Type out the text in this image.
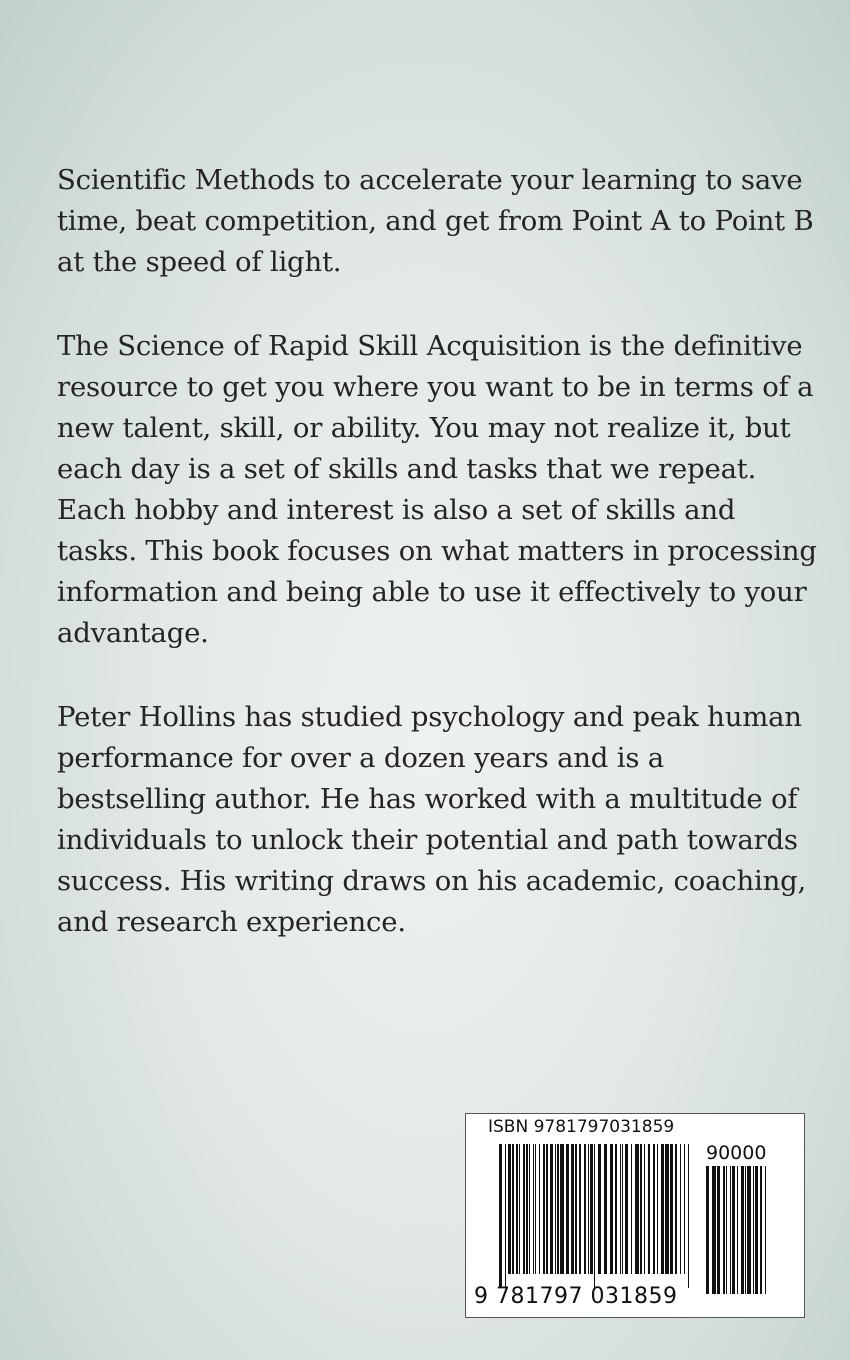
Scientific Methods to accelerate your learning to save time, beat competition, and get from Point A to Point B at the speed of light.

The Science of Rapid Skill Acquisition is the definitive resource to get you where you want to be in terms of a new talent, skill, or ability. You may not realize it, but each day is a set of skills and tasks that we repeat. Each hobby and interest is also a set of skills and tasks. This book focuses on what matters in processing information and being able to use it effectively to your advantage.

Peter Hollins has studied psychology and peak human performance for over a dozen years and is a bestselling author. He has worked with a multitude of individuals to unlock their potential and path towards success. His writing draws on his academic, coaching, and research experience.

ISBN 9781797031859
90000
9 781797 031859
